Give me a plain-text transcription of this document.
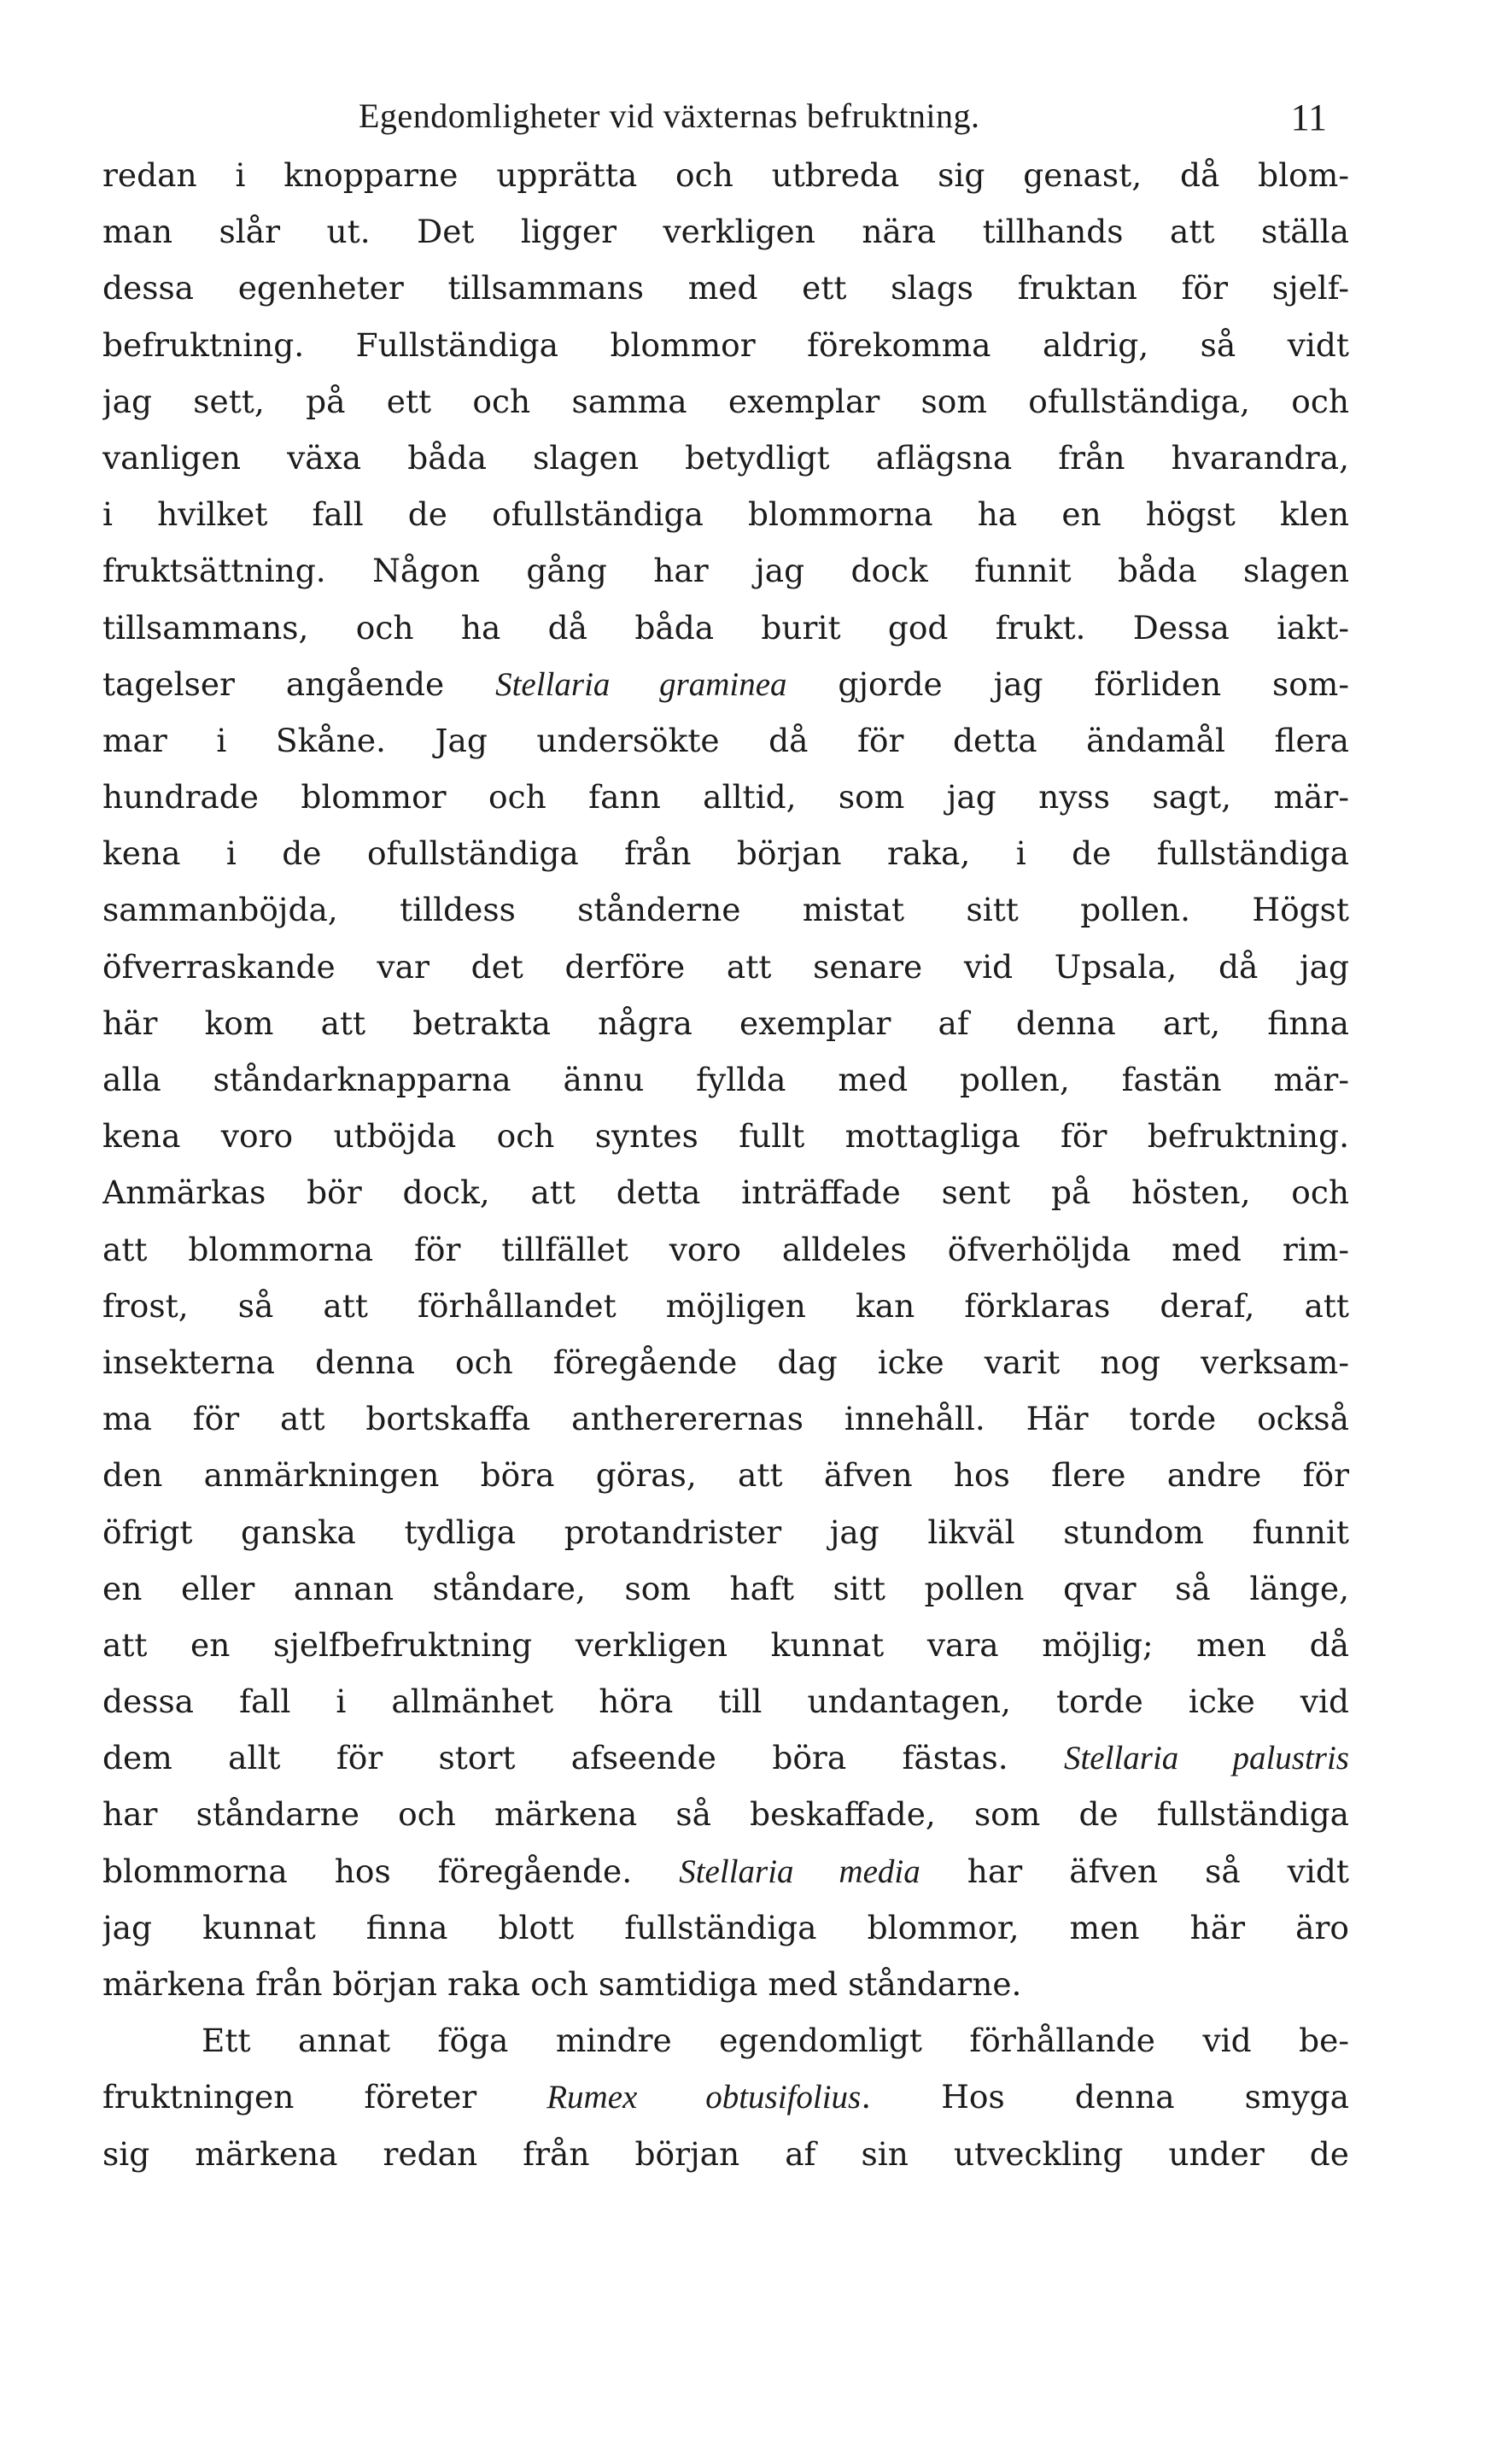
Egendomligheter vid växternas befruktning.	11
redan i knopparne upprätta och utbreda sig genast, då blom-
man slår ut. Det ligger verkligen nära tillhands att ställa
dessa egenheter tillsammans med ett slags fruktan för sjelf-
befruktning. Fullständiga blommor förekomma aldrig, så vidt
jag sett, på ett och samma exemplar som ofullständiga, och
vanligen växa båda slagen betydligt aflägsna från hvarandra,
i hvilket fall de ofullständiga blommorna ha en högst klen
fruktsättning. Någon gång har jag dock funnit båda slagen
tillsammans, och ha då båda burit god frukt. Dessa iakt-
tagelser angående Stellaria graminea gjorde jag förliden som-
mar i Skåne. Jag undersökte då för detta ändamål flera
hundrade blommor och fann alltid, som jag nyss sagt, mär-
kena i de ofullständiga från början raka, i de fullständiga
sammanböjda, tilldess stånderne mistat sitt pollen. Högst
öfverraskande var det derföre att senare vid Upsala, då jag
här kom att betrakta några exemplar af denna art, finna
alla ståndarknapparna ännu fyllda med pollen, fastän mär-
kena voro utböjda och syntes fullt mottagliga för befruktning.
Anmärkas bör dock, att detta inträffade sent på hösten, och
att blommorna för tillfället voro alldeles öfverhöljda med rim-
frost, så att förhållandet möjligen kan förklaras deraf, att
insekterna denna och föregående dag icke varit nog verksam-
ma för att bortskaffa anthererernas innehåll. Här torde också
den anmärkningen böra göras, att äfven hos flere andre för
öfrigt ganska tydliga protandrister jag likväl stundom funnit
en eller annan ståndare, som haft sitt pollen qvar så länge,
att en sjelfbefruktning verkligen kunnat vara möjlig; men då
dessa fall i allmänhet höra till undantagen, torde icke vid
dem allt för stort afseende böra fästas. Stellaria palustris
har ståndarne och märkena så beskaffade, som de fullständiga
blommorna hos föregående. Stellaria media har äfven så vidt
jag kunnat finna blott fullständiga blommor, men här äro
märkena från början raka och samtidiga med ståndarne.
Ett annat föga mindre egendomligt förhållande vid be-
fruktningen företer Rumex obtusifolius. Hos denna smyga
sig märkena redan från början af sin utveckling under de
